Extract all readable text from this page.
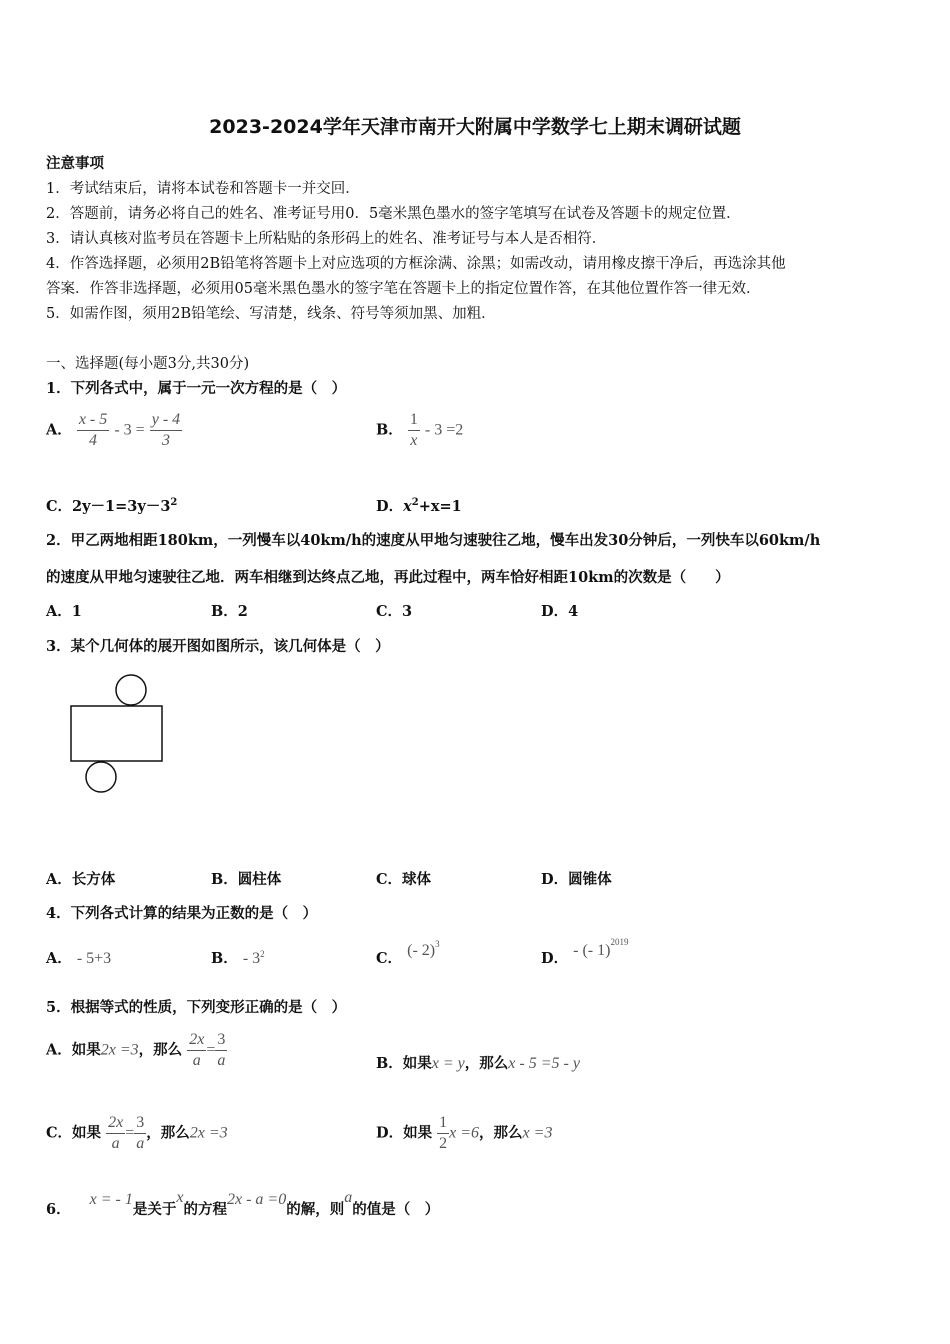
2023-2024学年天津市南开大附属中学数学七上期末调研试题
注意事项
1．考试结束后，请将本试卷和答题卡一并交回．
2．答题前，请务必将自己的姓名、准考证号用0．5毫米黑色墨水的签字笔填写在试卷及答题卡的规定位置．
3．请认真核对监考员在答题卡上所粘贴的条形码上的姓名、准考证号与本人是否相符．
4．作答选择题，必须用2B铅笔将答题卡上对应选项的方框涂满、涂黑；如需改动，请用橡皮擦干净后，再选涂其他
答案．作答非选择题，必须用05毫米黑色墨水的签字笔在答题卡上的指定位置作答，在其他位置作答一律无效．
5．如需作图，须用2B铅笔绘、写清楚，线条、符号等须加黑、加粗．
一、选择题(每小题3分,共30分)
1．下列各式中，属于一元一次方程的是（　）
A． $\frac{x - 5}{4} - 3 = \frac{y - 4}{3}$	B． $\frac{1}{x} - 3 =2$
C．$2y-1=3y-3^2$	D．$x^2+x=1$
2．甲乙两地相距180km，一列慢车以40km/h的速度从甲地匀速驶往乙地，慢车出发30分钟后，一列快车以60km/h
的速度从甲地匀速驶往乙地．两车相继到达终点乙地，再此过程中，两车恰好相距10km的次数是（　　）
A．1	B．2	C．3	D．4
3．某个几何体的展开图如图所示，该几何体是（　）
A．长方体	B．圆柱体	C．球体	D．圆锥体
4．下列各式计算的结果为正数的是（　）
A． - 5+3	B． - $3^2$	C． (- 2)$^3$
D． - (- 1)$^{2019}$
5．根据等式的性质，下列变形正确的是（　）
A．如果2x =3，那么 $\frac{2x}{a} = \frac{3}{a}$	B．如果x = y，那么x - 5 =5 - y
C．如果 $\frac{2x}{a} = \frac{3}{a}$ ，那么2x =3	D．如果 $\frac{1}{2}$ x =6，那么x =3
6． x = - 1是关于x的方程2x - a =0的解，则a的值是（　）
